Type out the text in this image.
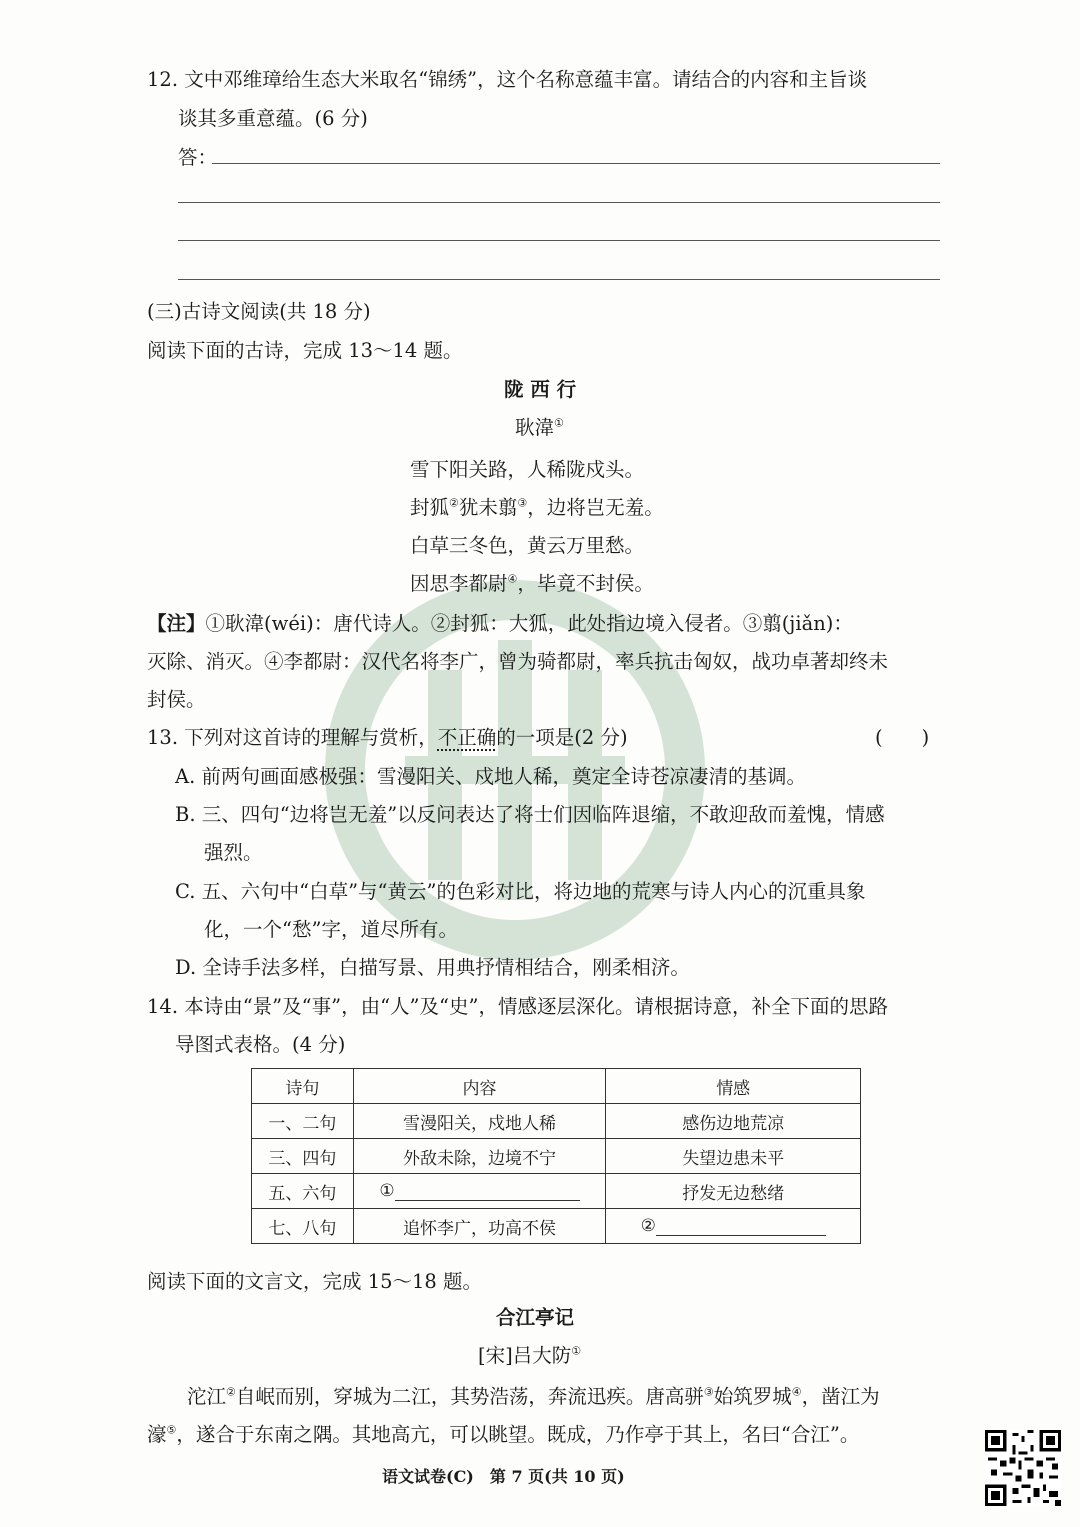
12. 文中邓维璋给生态大米取名“锦绣”，这个名称意蕴丰富。请结合的内容和主旨谈
谈其多重意蕴。(6 分)
答：
(三)古诗文阅读(共 18 分)
阅读下面的古诗，完成 13～14 题。
陇 西 行
耿湋①
雪下阳关路，人稀陇戍头。
封狐②犹未翦③，边将岂无羞。
白草三冬色，黄云万里愁。
因思李都尉④，毕竟不封侯。
【注】①耿湋(wéi)：唐代诗人。②封狐：大狐，此处指边境入侵者。③翦(jiǎn)：
灭除、消灭。④李都尉：汉代名将李广，曾为骑都尉，率兵抗击匈奴，战功卓著却终未
封侯。
13. 下列对这首诗的理解与赏析，不正确的一项是(2 分)	(　　)
A. 前两句画面感极强：雪漫阳关、戍地人稀，奠定全诗苍凉凄清的基调。
B. 三、四句“边将岂无羞”以反问表达了将士们因临阵退缩，不敢迎敌而羞愧，情感
强烈。
C. 五、六句中“白草”与“黄云”的色彩对比，将边地的荒寒与诗人内心的沉重具象
化，一个“愁”字，道尽所有。
D. 全诗手法多样，白描写景、用典抒情相结合，刚柔相济。
14. 本诗由“景”及“事”，由“人”及“史”，情感逐层深化。请根据诗意，补全下面的思路
导图式表格。(4 分)
诗句	内容	情感
一、二句	雪漫阳关，戍地人稀	感伤边地荒凉
三、四句	外敌未除，边境不宁	失望边患未平
五、六句	①	抒发无边愁绪
七、八句	追怀李广，功高不侯	②
阅读下面的文言文，完成 15～18 题。
合江亭记
[宋]吕大防①
沱江②自岷而别，穿城为二江，其势浩荡，奔流迅疾。唐高骈③始筑罗城④，凿江为
濠⑤，遂合于东南之隅。其地高亢，可以眺望。既成，乃作亭于其上，名曰“合江”。
语文试卷(C)　第 7 页(共 10 页)
